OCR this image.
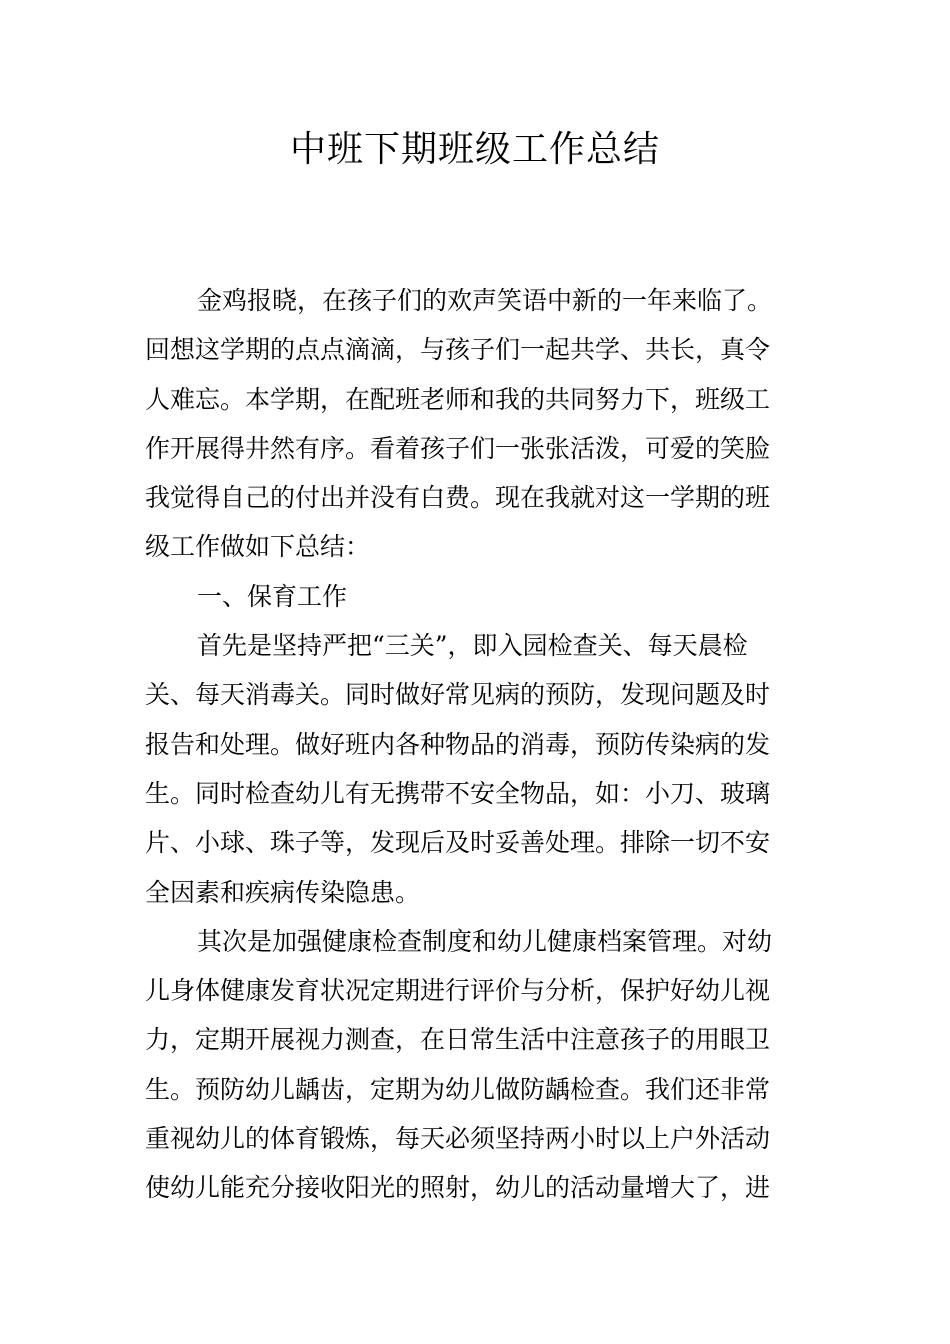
中班下期班级工作总结
金鸡报晓，在孩子们的欢声笑语中新的一年来临了。
回想这学期的点点滴滴，与孩子们一起共学、共长，真令
人难忘。本学期，在配班老师和我的共同努力下，班级工
作开展得井然有序。看着孩子们一张张活泼，可爱的笑脸
我觉得自己的付出并没有白费。现在我就对这一学期的班
级工作做如下总结：
一、保育工作
首先是坚持严把“三关”，即入园检查关、每天晨检
关、每天消毒关。同时做好常见病的预防，发现问题及时
报告和处理。做好班内各种物品的消毒，预防传染病的发
生。同时检查幼儿有无携带不安全物品，如：小刀、玻璃
片、小球、珠子等，发现后及时妥善处理。排除一切不安
全因素和疾病传染隐患。
其次是加强健康检查制度和幼儿健康档案管理。对幼
儿身体健康发育状况定期进行评价与分析，保护好幼儿视
力，定期开展视力测查，在日常生活中注意孩子的用眼卫
生。预防幼儿龋齿，定期为幼儿做防龋检查。我们还非常
重视幼儿的体育锻炼，每天必须坚持两小时以上户外活动
使幼儿能充分接收阳光的照射，幼儿的活动量增大了，进
